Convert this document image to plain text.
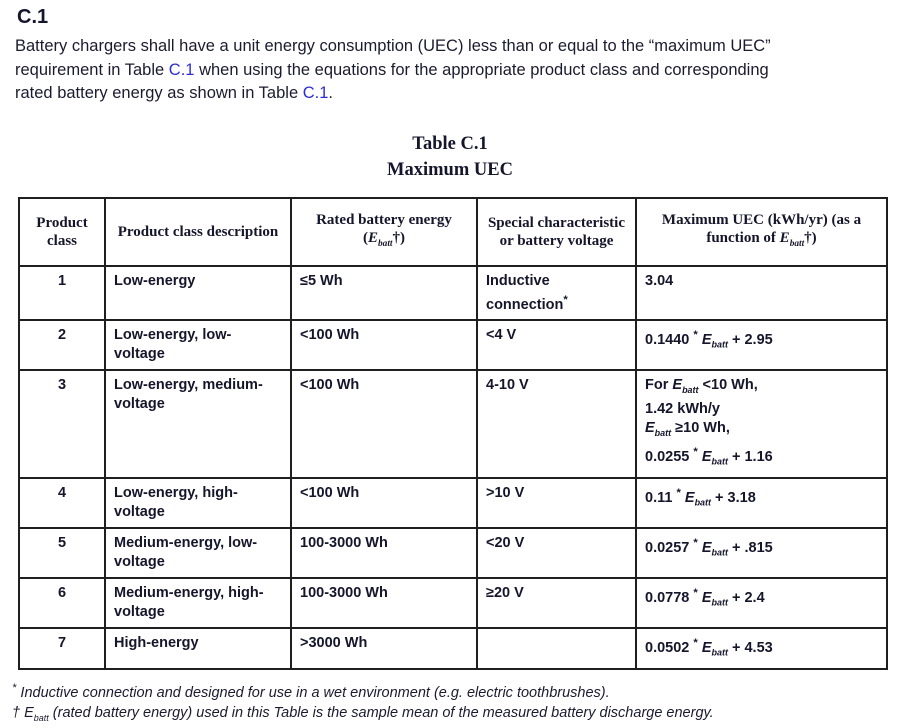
C.1
Battery chargers shall have a unit energy consumption (UEC) less than or equal to the “maximum UEC”
requirement in Table C.1 when using the equations for the appropriate product class and corresponding
rated battery energy as shown in Table C.1.
Table C.1
Maximum UEC
Product class	Product class description	Rated battery energy $(E_{batt}\dagger)$	Special characteristic or battery voltage	Maximum UEC (kWh/yr) (as a function of $E_{batt}\dagger$)
1	Low-energy	≤5 Wh	Inductive connection*	3.04
2	Low-energy, low-voltage	<100 Wh	<4 V	0.1440 * $E_{batt} + 2.95$
3	Low-energy, medium-voltage	<100 Wh	4-10 V	For $E_{batt} <10$ Wh,
1.42 kWh/y
$E_{batt} \ge 10$ Wh,
0.0255 * $E_{batt} + 1.16$
4	Low-energy, high-voltage	<100 Wh	>10 V	0.11 * $E_{batt} + 3.18$
5	Medium-energy, low-voltage	100-3000 Wh	<20 V	0.0257 * $E_{batt} + .815$
6	Medium-energy, high-voltage	100-3000 Wh	≥20 V	0.0778 * $E_{batt} + 2.4$
7	High-energy	>3000 Wh		0.0502 * $E_{batt} + 4.53$
* Inductive connection and designed for use in a wet environment (e.g. electric toothbrushes).
† $E_{batt}$ (rated battery energy) used in this Table is the sample mean of the measured battery discharge energy.
